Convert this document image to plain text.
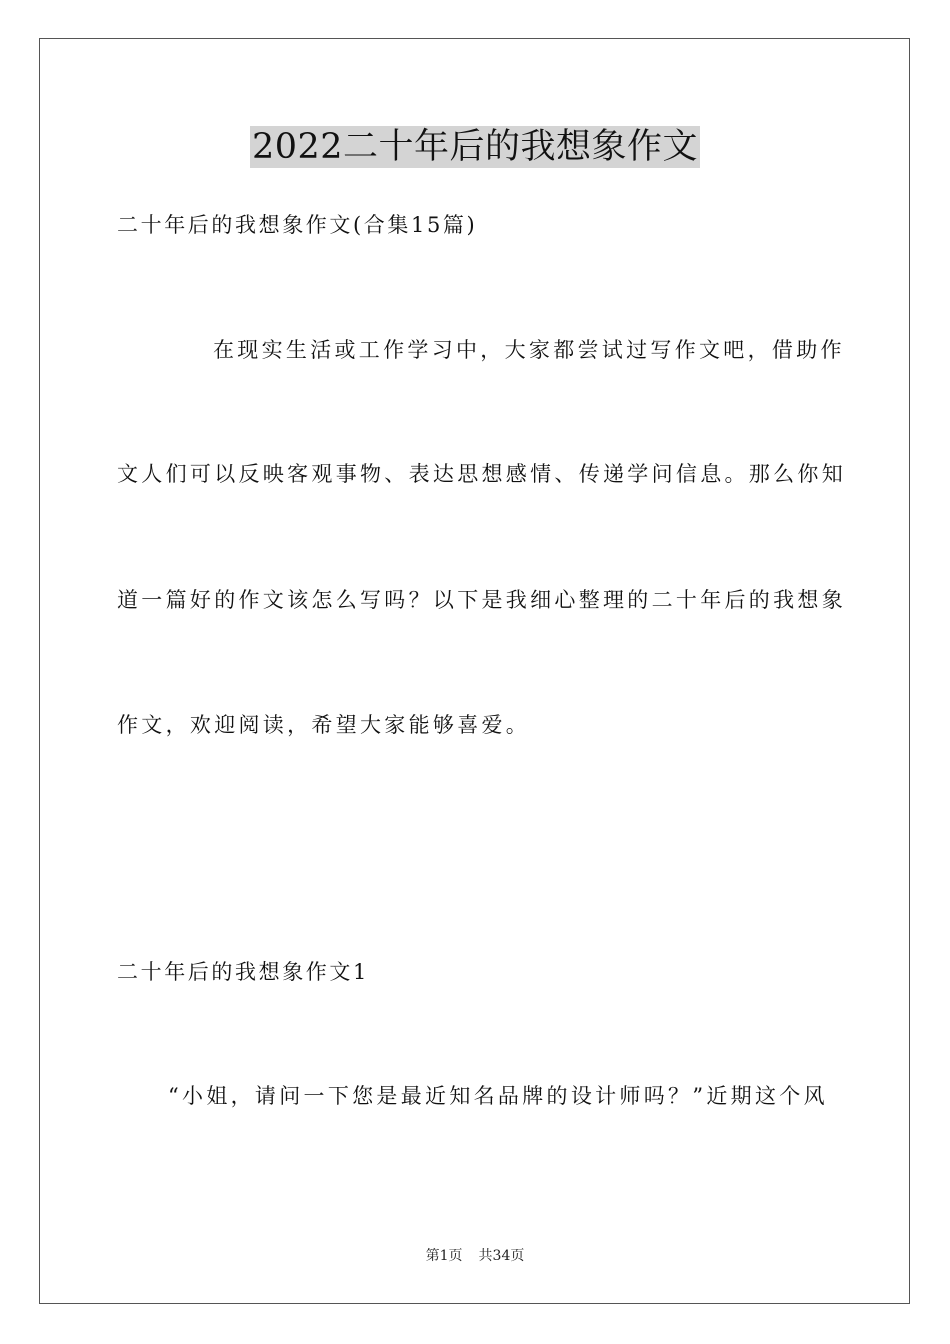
2022二十年后的我想象作文
二十年后的我想象作文(合集15篇)
在现实生活或工作学习中，大家都尝试过写作文吧，借助作
文人们可以反映客观事物、表达思想感情、传递学问信息。那么你知
道一篇好的作文该怎么写吗？以下是我细心整理的二十年后的我想象
作文，欢迎阅读，希望大家能够喜爱。
二十年后的我想象作文1
“小姐，请问一下您是最近知名品牌的设计师吗？”近期这个风
第1页 共34页
